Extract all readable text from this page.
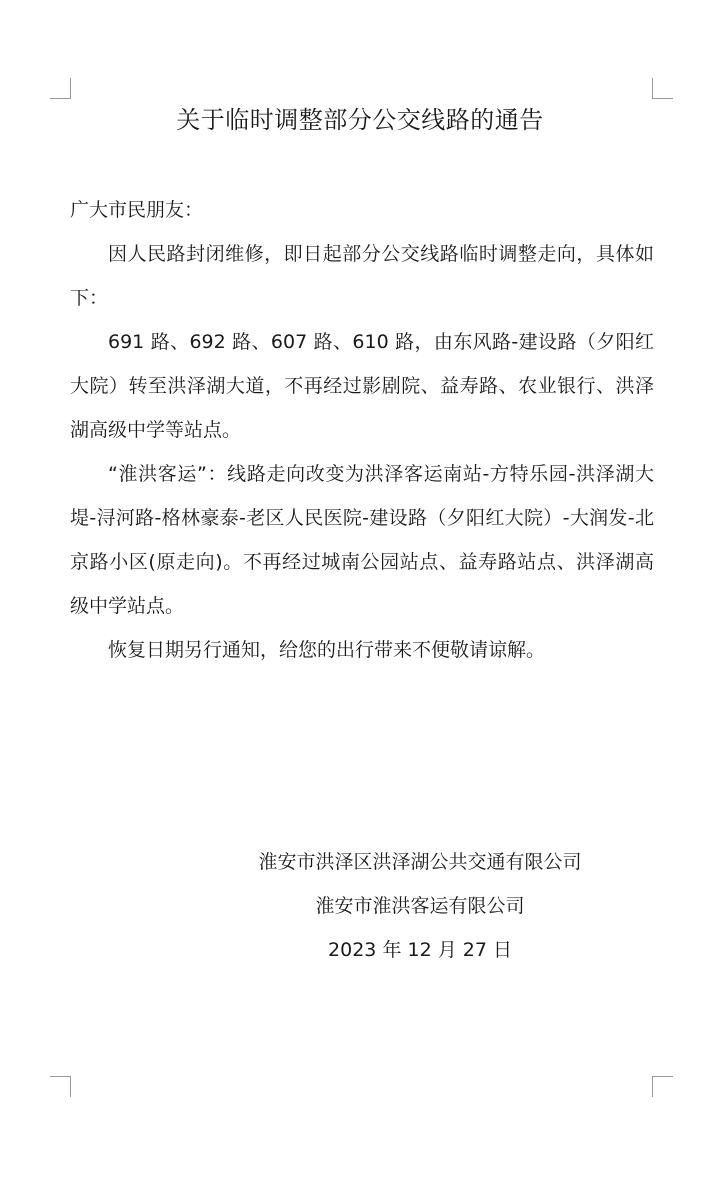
关于临时调整部分公交线路的通告

广大市民朋友：

因人民路封闭维修，即日起部分公交线路临时调整走向，具体如下：

691 路、692 路、607 路、610 路，由东风路-建设路（夕阳红大院）转至洪泽湖大道，不再经过影剧院、益寿路、农业银行、洪泽湖高级中学等站点。

“淮洪客运”：线路走向改变为洪泽客运南站-方特乐园-洪泽湖大堤-浔河路-格林豪泰-老区人民医院-建设路（夕阳红大院）-大润发-北京路小区(原走向)。不再经过城南公园站点、益寿路站点、洪泽湖高级中学站点。

恢复日期另行通知，给您的出行带来不便敬请谅解。

淮安市洪泽区洪泽湖公共交通有限公司
淮安市淮洪客运有限公司
2023 年 12 月 27 日
